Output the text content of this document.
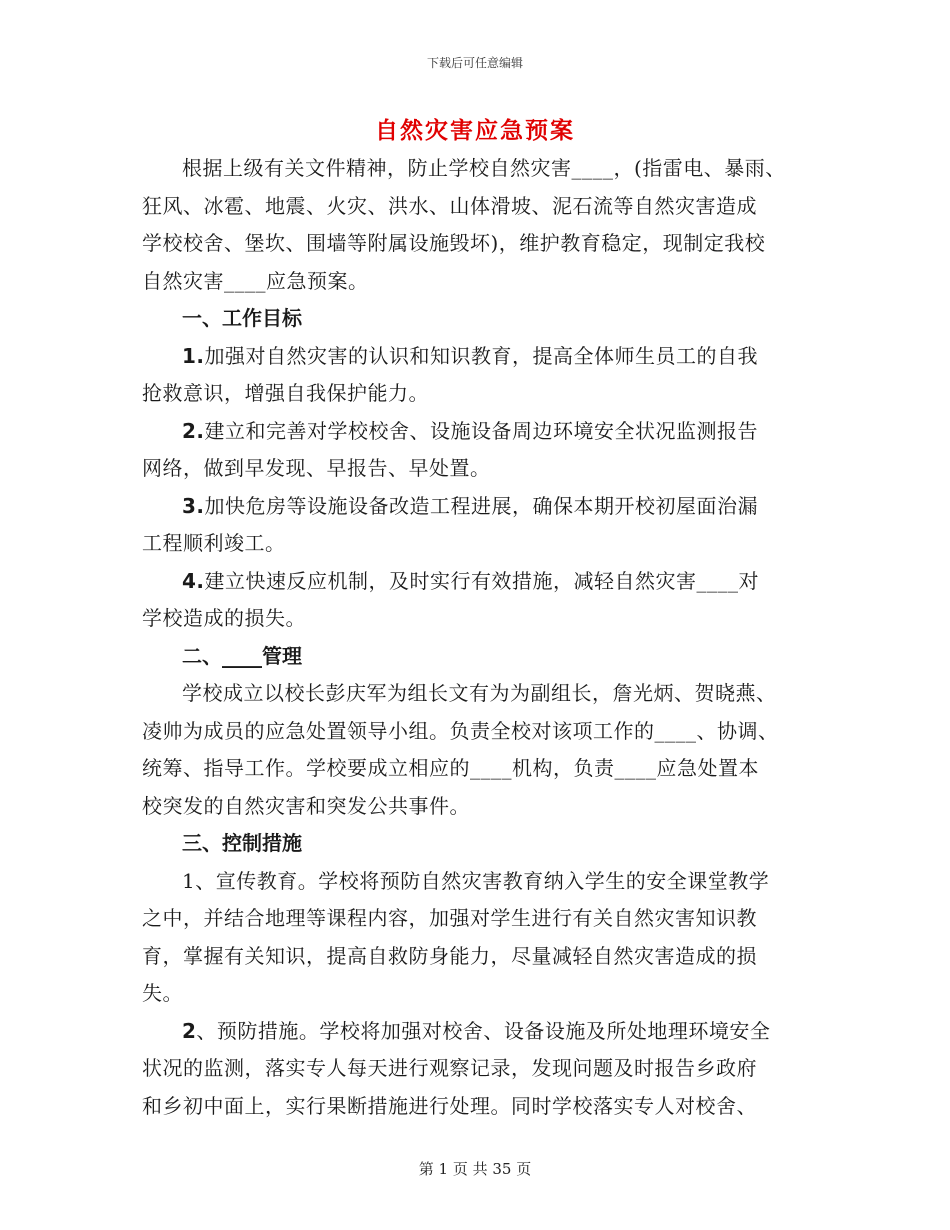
下载后可任意编辑
自然灾害应急预案

根据上级有关文件精神，防止学校自然灾害____，(指雷电、暴雨、
狂风、冰雹、地震、火灾、洪水、山体滑坡、泥石流等自然灾害造成
学校校舍、堡坎、围墙等附属设施毁坏)，维护教育稳定，现制定我校
自然灾害____应急预案。

一、工作目标

1.加强对自然灾害的认识和知识教育，提高全体师生员工的自我
抢救意识，增强自我保护能力。

2.建立和完善对学校校舍、设施设备周边环境安全状况监测报告
网络，做到早发现、早报告、早处置。

3.加快危房等设施设备改造工程进展，确保本期开校初屋面治漏
工程顺利竣工。

4.建立快速反应机制，及时实行有效措施，减轻自然灾害____对
学校造成的损失。

二、____管理

学校成立以校长彭庆军为组长文有为为副组长，詹光炳、贺晓燕、
凌帅为成员的应急处置领导小组。负责全校对该项工作的____、协调、
统筹、指导工作。学校要成立相应的____机构，负责____应急处置本
校突发的自然灾害和突发公共事件。

三、控制措施

1、宣传教育。学校将预防自然灾害教育纳入学生的安全课堂教学
之中，并结合地理等课程内容，加强对学生进行有关自然灾害知识教
育，掌握有关知识，提高自救防身能力，尽量减轻自然灾害造成的损
失。

2、预防措施。学校将加强对校舍、设备设施及所处地理环境安全
状况的监测，落实专人每天进行观察记录，发现问题及时报告乡政府
和乡初中面上，实行果断措施进行处理。同时学校落实专人对校舍、

第 1 页 共 35 页
